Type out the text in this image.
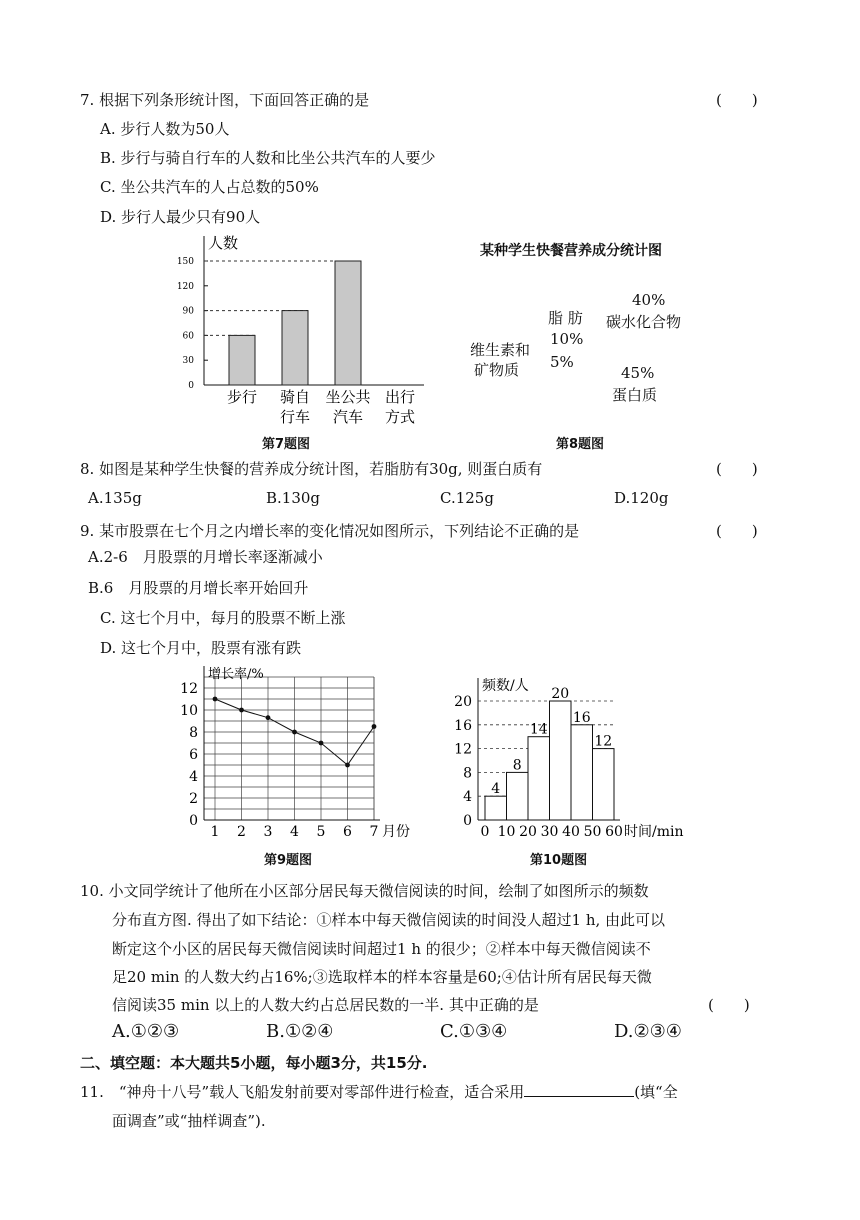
7. 根据下列条形统计图，下面回答正确的是	(　　)
A. 步行人数为50人
B. 步行与骑自行车的人数和比坐公共汽车的人要少
C. 坐公共汽车的人占总数的50%
D. 步行人最少只有90人
人数
0
30
60
90
120
150
步行 骑自
行车
坐公共
汽车
出行
方式
第7题图
某种学生快餐营养成分统计图
40%
碳水化合物
脂 肪
10%
维生素和
矿物质 5%
45%
蛋白质
第8题图
8. 如图是某种学生快餐的营养成分统计图，若脂肪有30g, 则蛋白质有	(　　)
A.135g	B.130g	C.125g	D.120g
9. 某市股票在七个月之内增长率的变化情况如图所示，下列结论不正确的是	(　　)
A.2-6　月股票的月增长率逐渐减小
B.6　月股票的月增长率开始回升
C. 这七个月中，每月的股票不断上涨
D. 这七个月中，股票有涨有跌
增长率/%
0
2
4
6
8
10
12
1 2 3 4 5 6 7 月份
第9题图
频数/人
0
4
8
12
16
20
4
8
14
20
16
12
0 10 20 30 40 50 60 时间/min
第10题图
10. 小文同学统计了他所在小区部分居民每天微信阅读的时间，绘制了如图所示的频数
分布直方图. 得出了如下结论：①样本中每天微信阅读的时间没人超过1 h, 由此可以
断定这个小区的居民每天微信阅读时间超过1 h 的很少；②样本中每天微信阅读不
足20 min 的人数大约占16%;③选取样本的样本容量是60;④估计所有居民每天微
信阅读35 min 以上的人数大约占总居民数的一半. 其中正确的是	(　　)
A.①②③	B.①②④	C.①③④	D.②③④
二、填空题：本大题共5小题，每小题3分，共15分.
11.　“神舟十八号”载人飞船发射前要对零部件进行检查，适合采用	(填“全
面调查”或“抽样调查”).
